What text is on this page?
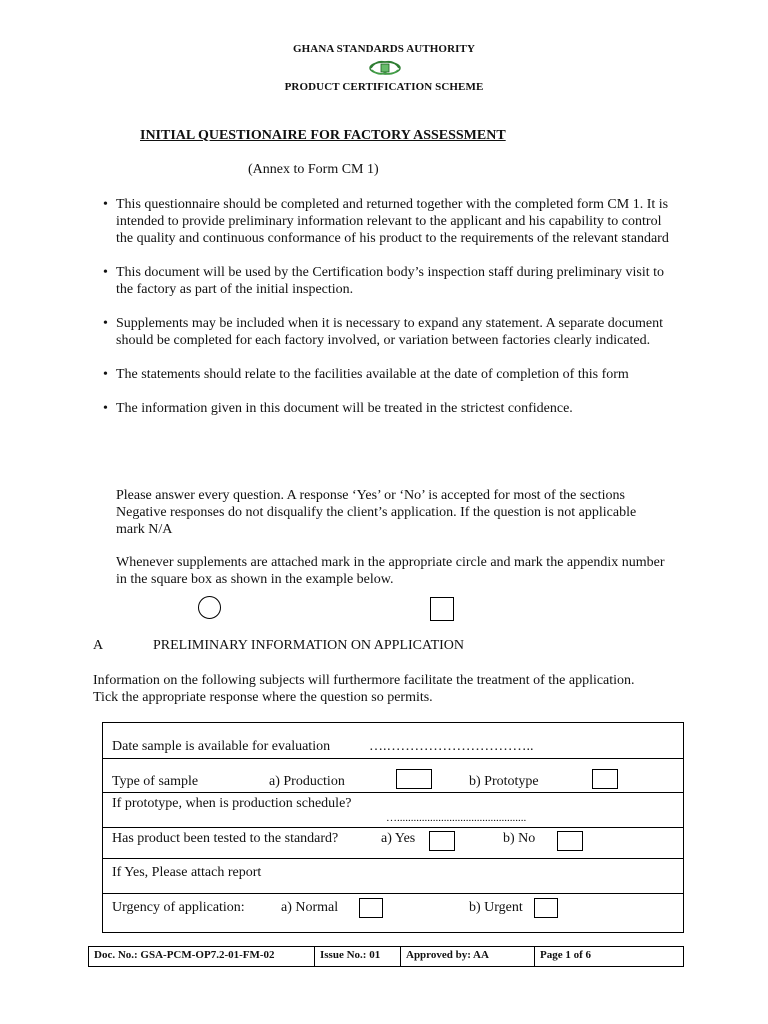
GHANA STANDARDS AUTHORITY
PRODUCT CERTIFICATION SCHEME
INITIAL QUESTIONAIRE FOR FACTORY ASSESSMENT
(Annex to Form CM 1)
• This questionnaire should be completed and returned together with the completed form CM 1. It is intended to provide preliminary information relevant to the applicant and his capability to control the quality and continuous conformance of his product to the requirements of the relevant standard
• This document will be used by the Certification body’s inspection staff during preliminary visit to the factory as part of the initial inspection.
• Supplements may be included when it is necessary to expand any statement. A separate document should be completed for each factory involved, or variation between factories clearly indicated.
• The statements should relate to the facilities available at the date of completion of this form
• The information given in this document will be treated in the strictest confidence.
Please answer every question. A response ‘Yes’ or ‘No’ is accepted for most of the sections Negative responses do not disqualify the client’s application. If the question is not applicable mark N/A
Whenever supplements are attached mark in the appropriate circle and mark the appendix number in the square box as shown in the example below.
A	PRELIMINARY INFORMATION ON APPLICATION
Information on the following subjects will furthermore facilitate the treatment of the application. Tick the appropriate response where the question so permits.
Date sample is available for evaluation	….…………………………..
Type of sample	a) Production	b) Prototype
If prototype, when is production schedule?
…...............................................
Has product been tested to the standard?	a) Yes	b) No
If Yes, Please attach report
Urgency of application:	a) Normal	b) Urgent
Doc. No.: GSA-PCM-OP7.2-01-FM-02	Issue No.: 01	Approved by: AA	Page 1 of 6
